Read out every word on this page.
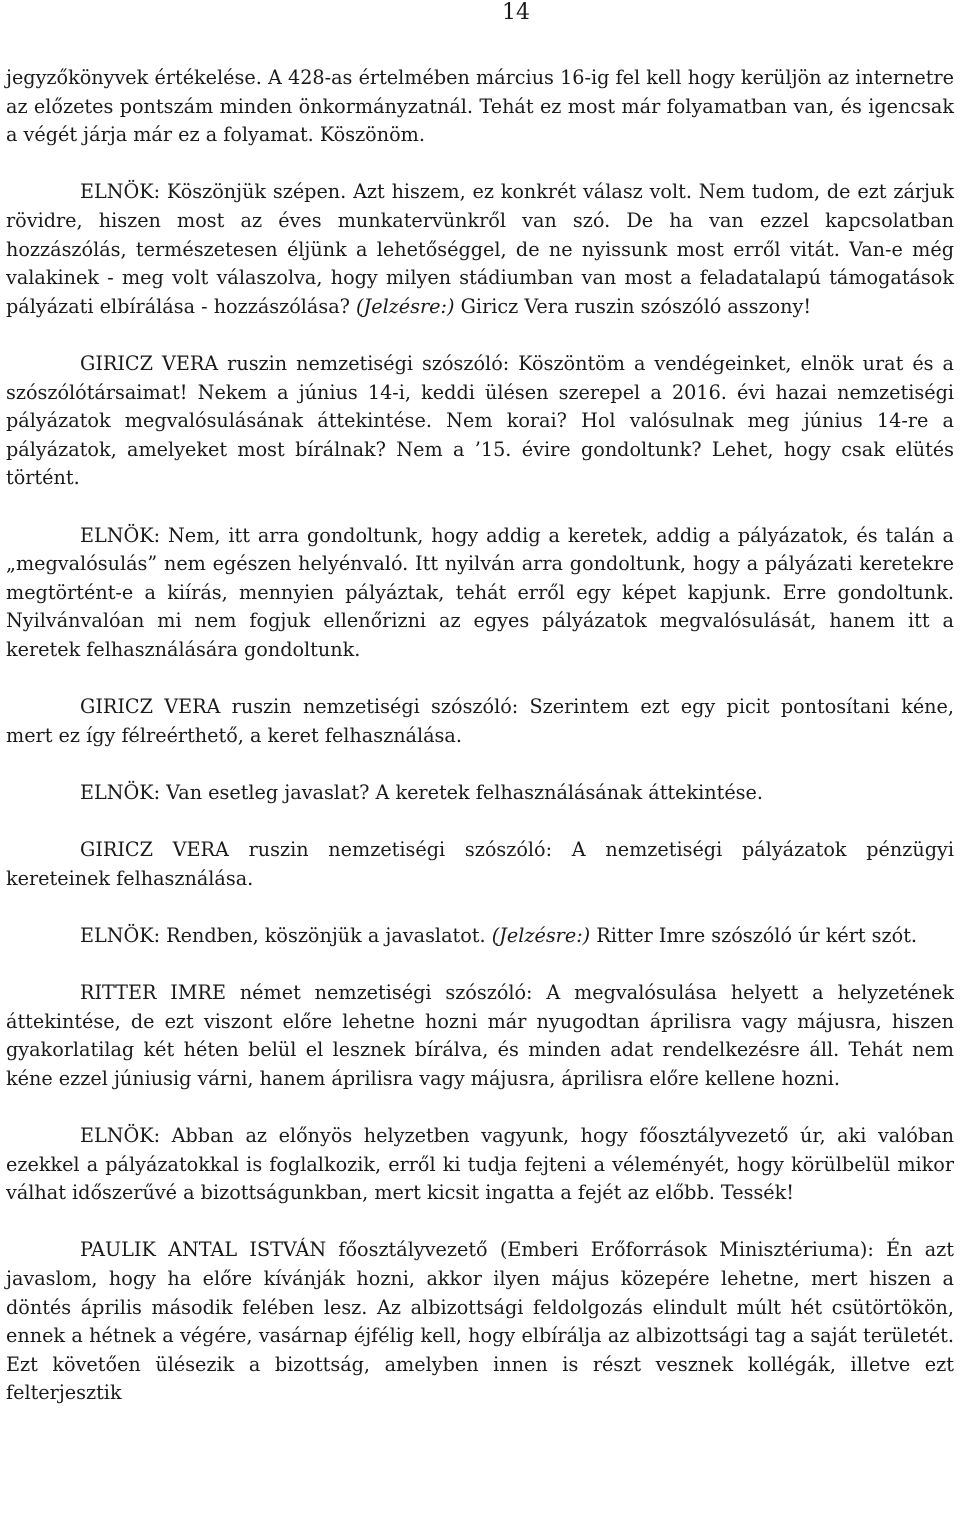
14

jegyzőkönyvek értékelése. A 428-as értelmében március 16-ig fel kell hogy kerüljön az internetre az előzetes pontszám minden önkormányzatnál. Tehát ez most már folyamatban van, és igencsak a végét járja már ez a folyamat. Köszönöm.

ELNÖK: Köszönjük szépen. Azt hiszem, ez konkrét válasz volt. Nem tudom, de ezt zárjuk rövidre, hiszen most az éves munkatervünkről van szó. De ha van ezzel kapcsolatban hozzászólás, természetesen éljünk a lehetőséggel, de ne nyissunk most erről vitát. Van-e még valakinek - meg volt válaszolva, hogy milyen stádiumban van most a feladatalapú támogatások pályázati elbírálása - hozzászólása? (Jelzésre:) Giricz Vera ruszin szószóló asszony!

GIRICZ VERA ruszin nemzetiségi szószóló: Köszöntöm a vendégeinket, elnök urat és a szószólótársaimat! Nekem a június 14-i, keddi ülésen szerepel a 2016. évi hazai nemzetiségi pályázatok megvalósulásának áttekintése. Nem korai? Hol valósulnak meg június 14-re a pályázatok, amelyeket most bírálnak? Nem a ’15. évire gondoltunk? Lehet, hogy csak elütés történt.

ELNÖK: Nem, itt arra gondoltunk, hogy addig a keretek, addig a pályázatok, és talán a „megvalósulás” nem egészen helyénvaló. Itt nyilván arra gondoltunk, hogy a pályázati keretekre megtörtént-e a kiírás, mennyien pályáztak, tehát erről egy képet kapjunk. Erre gondoltunk. Nyilvánvalóan mi nem fogjuk ellenőrizni az egyes pályázatok megvalósulását, hanem itt a keretek felhasználására gondoltunk.

GIRICZ VERA ruszin nemzetiségi szószóló: Szerintem ezt egy picit pontosítani kéne, mert ez így félreérthető, a keret felhasználása.

ELNÖK: Van esetleg javaslat? A keretek felhasználásának áttekintése.

GIRICZ VERA ruszin nemzetiségi szószóló: A nemzetiségi pályázatok pénzügyi kereteinek felhasználása.

ELNÖK: Rendben, köszönjük a javaslatot. (Jelzésre:) Ritter Imre szószóló úr kért szót.

RITTER IMRE német nemzetiségi szószóló: A megvalósulása helyett a helyzetének áttekintése, de ezt viszont előre lehetne hozni már nyugodtan áprilisra vagy májusra, hiszen gyakorlatilag két héten belül el lesznek bírálva, és minden adat rendelkezésre áll. Tehát nem kéne ezzel júniusig várni, hanem áprilisra vagy májusra, áprilisra előre kellene hozni.

ELNÖK: Abban az előnyös helyzetben vagyunk, hogy főosztályvezető úr, aki valóban ezekkel a pályázatokkal is foglalkozik, erről ki tudja fejteni a véleményét, hogy körülbelül mikor válhat időszerűvé a bizottságunkban, mert kicsit ingatta a fejét az előbb. Tessék!

PAULIK ANTAL ISTVÁN főosztályvezető (Emberi Erőforrások Minisztériuma): Én azt javaslom, hogy ha előre kívánják hozni, akkor ilyen május közepére lehetne, mert hiszen a döntés április második felében lesz. Az albizottsági feldolgozás elindult múlt hét csütörtökön, ennek a hétnek a végére, vasárnap éjfélig kell, hogy elbírálja az albizottsági tag a saját területét. Ezt követően ülésezik a bizottság, amelyben innen is részt vesznek kollégák, illetve ezt felterjesztik
